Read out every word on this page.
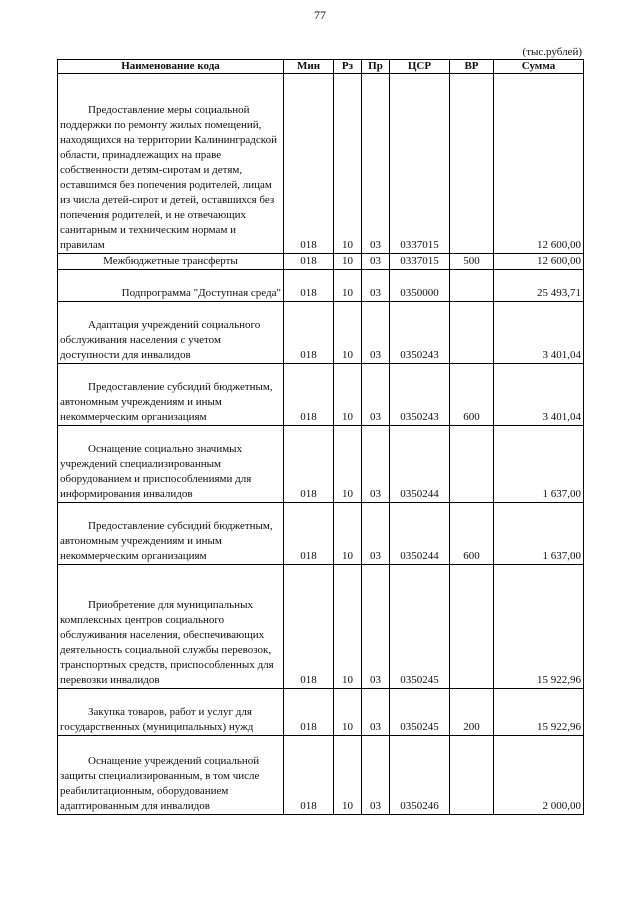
77
(тыс.рублей)
Наименование кода	Мин	Рз	Пр	ЦСР	ВР	Сумма
Предоставление меры социальной поддержки по ремонту жилых помещений, находящихся на территории Калининградской области, принадлежащих на праве собственности детям-сиротам и детям, оставшимся без попечения родителей, лицам из числа детей-сирот и детей, оставшихся без попечения родителей, и не отвечающих санитарным и техническим нормам и правилам	018	10	03	0337015		12 600,00
Межбюджетные трансферты	018	10	03	0337015	500	12 600,00
Подпрограмма "Доступная среда"	018	10	03	0350000		25 493,71
Адаптация учреждений социального обслуживания населения с учетом доступности для инвалидов	018	10	03	0350243		3 401,04
Предоставление субсидий бюджетным, автономным учреждениям и иным некоммерческим организациям	018	10	03	0350243	600	3 401,04
Оснащение социально значимых учреждений специализированным оборудованием и приспособлениями для информирования инвалидов	018	10	03	0350244		1 637,00
Предоставление субсидий бюджетным, автономным учреждениям и иным некоммерческим организациям	018	10	03	0350244	600	1 637,00
Приобретение для муниципальных комплексных центров социального обслуживания населения, обеспечивающих деятельность социальной службы перевозок, транспортных средств, приспособленных для перевозки инвалидов	018	10	03	0350245		15 922,96
Закупка товаров, работ и услуг для государственных (муниципальных) нужд	018	10	03	0350245	200	15 922,96
Оснащение учреждений социальной защиты специализированным, в том числе реабилитационным, оборудованием адаптированным для инвалидов	018	10	03	0350246		2 000,00
